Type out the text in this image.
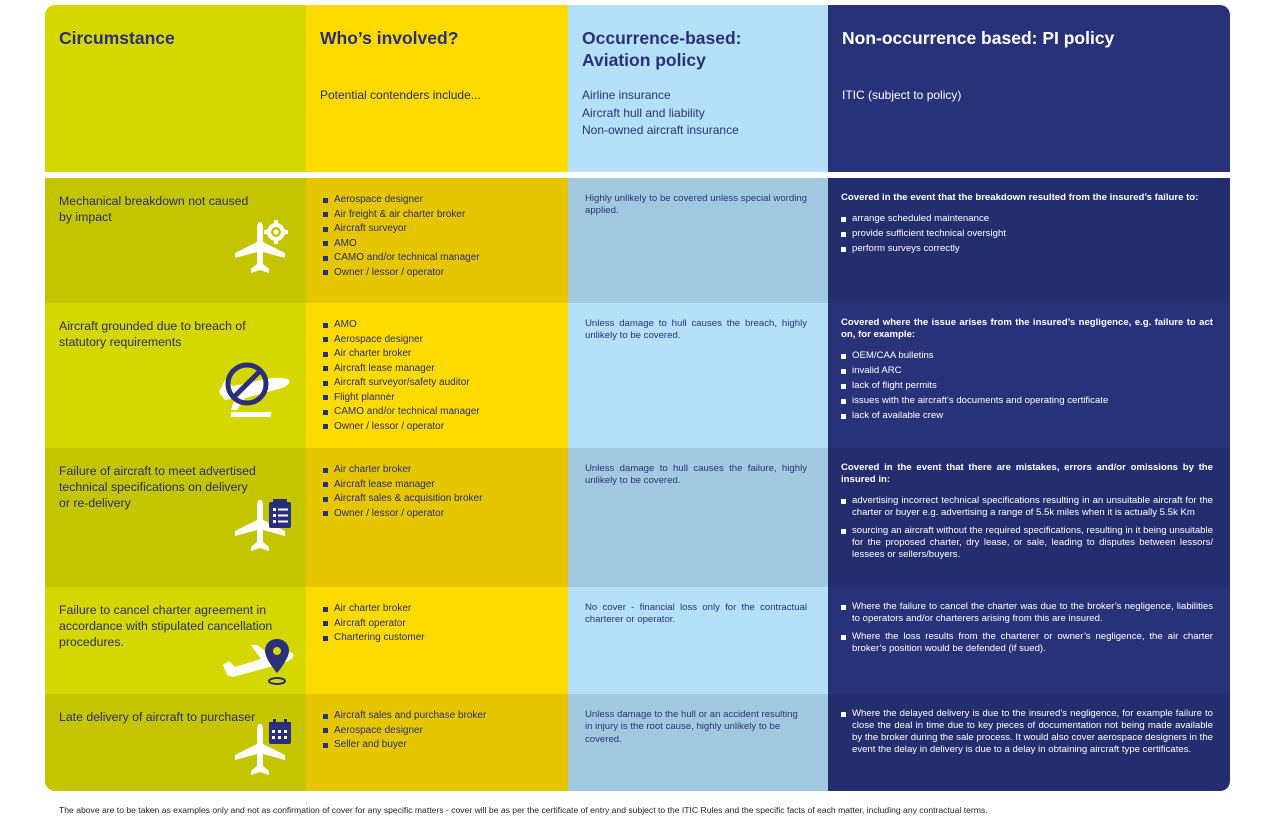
Circumstance	Who’s involved?
Potential contenders include...
Occurrence-based:
Aviation policy
Airline insurance
Aircraft hull and liability
Non-owned aircraft insurance
Non-occurrence based: PI policy
ITIC (subject to policy)
Mechanical breakdown not caused by impact
Aerospace designer
Air freight & air charter broker
Aircraft surveyor
AMO
CAMO and/or technical manager
Owner / lessor / operator
Highly unlikely to be covered unless special wording applied.
Covered in the event that the breakdown resulted from the insured’s failure to:
arrange scheduled maintenance
provide sufficient technical oversight
perform surveys correctly
Aircraft grounded due to breach of statutory requirements
AMO
Aerospace designer
Air charter broker
Aircraft lease manager
Aircraft surveyor/safety auditor
Flight planner
CAMO and/or technical manager
Owner / lessor / operator
Unless damage to hull causes the breach, highly unlikely to be covered.
Covered where the issue arises from the insured’s negligence, e.g. failure to act on, for example:
OEM/CAA bulletins
invalid ARC
lack of flight permits
issues with the aircraft’s documents and operating certificate
lack of available crew
Failure of aircraft to meet advertised technical specifications on delivery or re-delivery
Air charter broker
Aircraft lease manager
Aircraft sales & acquisition broker
Owner / lessor / operator
Unless damage to hull causes the failure, highly unlikely to be covered.
Covered in the event that there are mistakes, errors and/or omissions by the insured in:
advertising incorrect technical specifications resulting in an unsuitable aircraft for the charter or buyer e.g. advertising a range of 5.5k miles when it is actually 5.5k Km
sourcing an aircraft without the required specifications, resulting in it being unsuitable for the proposed charter, dry lease, or sale, leading to disputes between lessors/ lessees or sellers/buyers.
Failure to cancel charter agreement in accordance with stipulated cancellation procedures.
Air charter broker
Aircraft operator
Chartering customer
No cover - financial loss only for the contractual charterer or operator.
Where the failure to cancel the charter was due to the broker’s negligence, liabilities to operators and/or charterers arising from this are insured.
Where the loss results from the charterer or owner’s negligence, the air charter broker’s position would be defended (if sued).
Late delivery of aircraft to purchaser	Aircraft sales and purchase broker
Aerospace designer
Seller and buyer
Unless damage to the hull or an accident resulting in injury is the root cause, highly unlikely to be covered.
Where the delayed delivery is due to the insured’s negligence, for example failure to close the deal in time due to key pieces of documentation not being made available by the broker during the sale process. It would also cover aerospace designers in the event the delay in delivery is due to a delay in obtaining aircraft type certificates.
The above are to be taken as examples only and not as confirmation of cover for any specific matters - cover will be as per the certificate of entry and subject to the ITIC Rules and the specific facts of each matter, including any contractual terms.
